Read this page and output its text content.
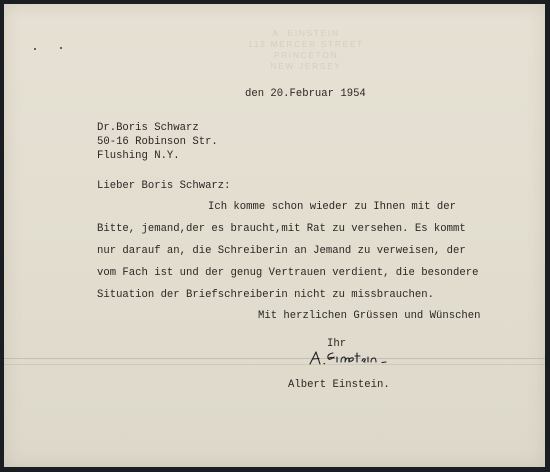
A. EINSTEIN
112 MERCER STREET
PRINCETON
NEW JERSEY
den 20.Februar 1954
Dr.Boris Schwarz
50-16 Robinson Str.
Flushing N.Y.
Lieber Boris Schwarz:
Ich komme schon wieder zu Ihnen mit der
Bitte, jemand,der es braucht,mit Rat zu versehen. Es kommt
nur darauf an, die Schreiberin an Jemand zu verweisen, der
vom Fach ist und der genug Vertrauen verdient, die besondere
Situation der Briefschreiberin nicht zu missbrauchen.
Mit herzlichen Grüssen und Wünschen
Ihr
Albert Einstein.
